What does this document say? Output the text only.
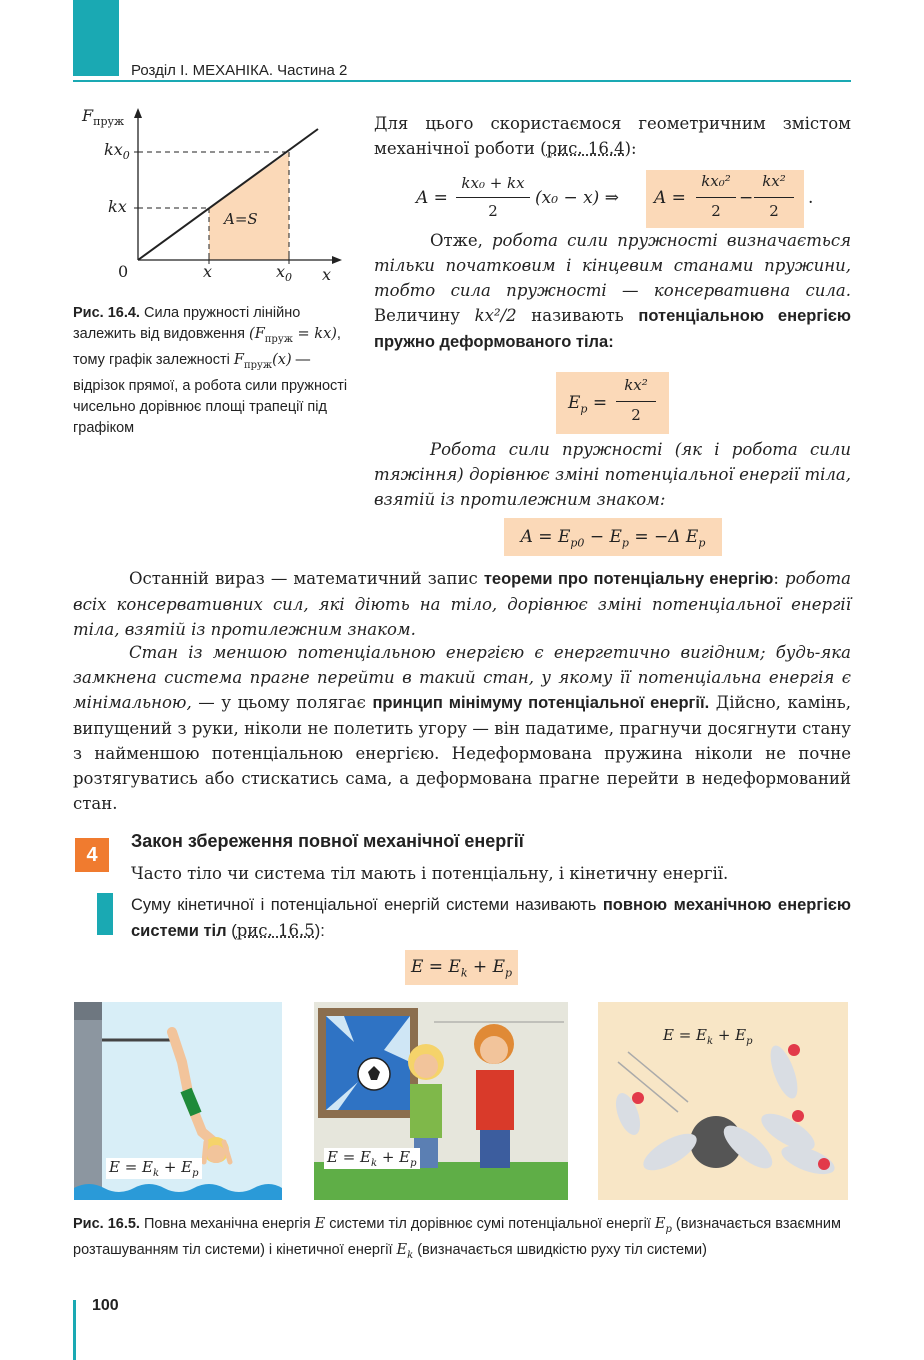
Розділ I. МЕХАНІКА. Частина 2
$F_{пруж}$
$kx_0$
kx
0	x	$x_0$ x
A=S
Рис. 16.4. Сила пружності лінійно залежить від видовження $(F_{пруж} = kx)$, тому графік залежності $F_{пруж}(x)$ — відрізок прямої, а робота сили пружності чисельно дорівнює площі трапеції під графіком
Для цього скористаємося геометричним змістом механічної роботи (рис. 16.4):
A =
kx₀ + kx
2
(x₀ − x) ⇒ A =
kx₀²
2
−
kx²
2
.
Отже, робота сили пружності визначається тільки початковим і кінцевим станами пружини, тобто сила пружності — консервативна сила. Величину kx²/2 називають потенціальною енергією пружно деформованого тіла:
$E_p$ =
kx²
2
Робота сили пружності (як і робота сили тяжіння) дорівнює зміні потенціальної енергії тіла, взятій із протилежним знаком:
$A = E_{p0} - E_p = -\Delta$ $E_p$
Останній вираз — математичний запис теореми про потенціальну енергію: робота всіх консервативних сил, які діють на тіло, дорівнює зміні потенціальної енергії тіла, взятій із протилежним знаком.
Стан із меншою потенціальною енергією є енергетично вигідним; будь-яка замкнена система прагне перейти в такий стан, у якому її потенціальна енергія є мінімальною, — у цьому полягає принцип мінімуму потенціальної енергії. Дійсно, камінь, випущений з руки, ніколи не полетить угору — він падатиме, прагнучи досягнути стану з найменшою потенціальною енергією. Недеформована пружина ніколи не почне розтягуватись або стискатись сама, а деформована прагне перейти в недеформований стан.
4
Закон збереження повної механічної енергії
Часто тіло чи система тіл мають і потенціальну, і кінетичну енергії.
Суму кінетичної і потенціальної енергій системи називають повною механічною енергією системи тіл (рис. 16.5):
$E = E_k + E_p$
$E = E_k + E_p$
$E = E_k + E_p$
$E = E_k + E_p$
Рис. 16.5. Повна механічна енергія E системи тіл дорівнює сумі потенціальної енергії $E_p$ (визначається взаємним розташуванням тіл системи) і кінетичної енергії $E_k$ (визначається швидкістю руху тіл системи)
100
